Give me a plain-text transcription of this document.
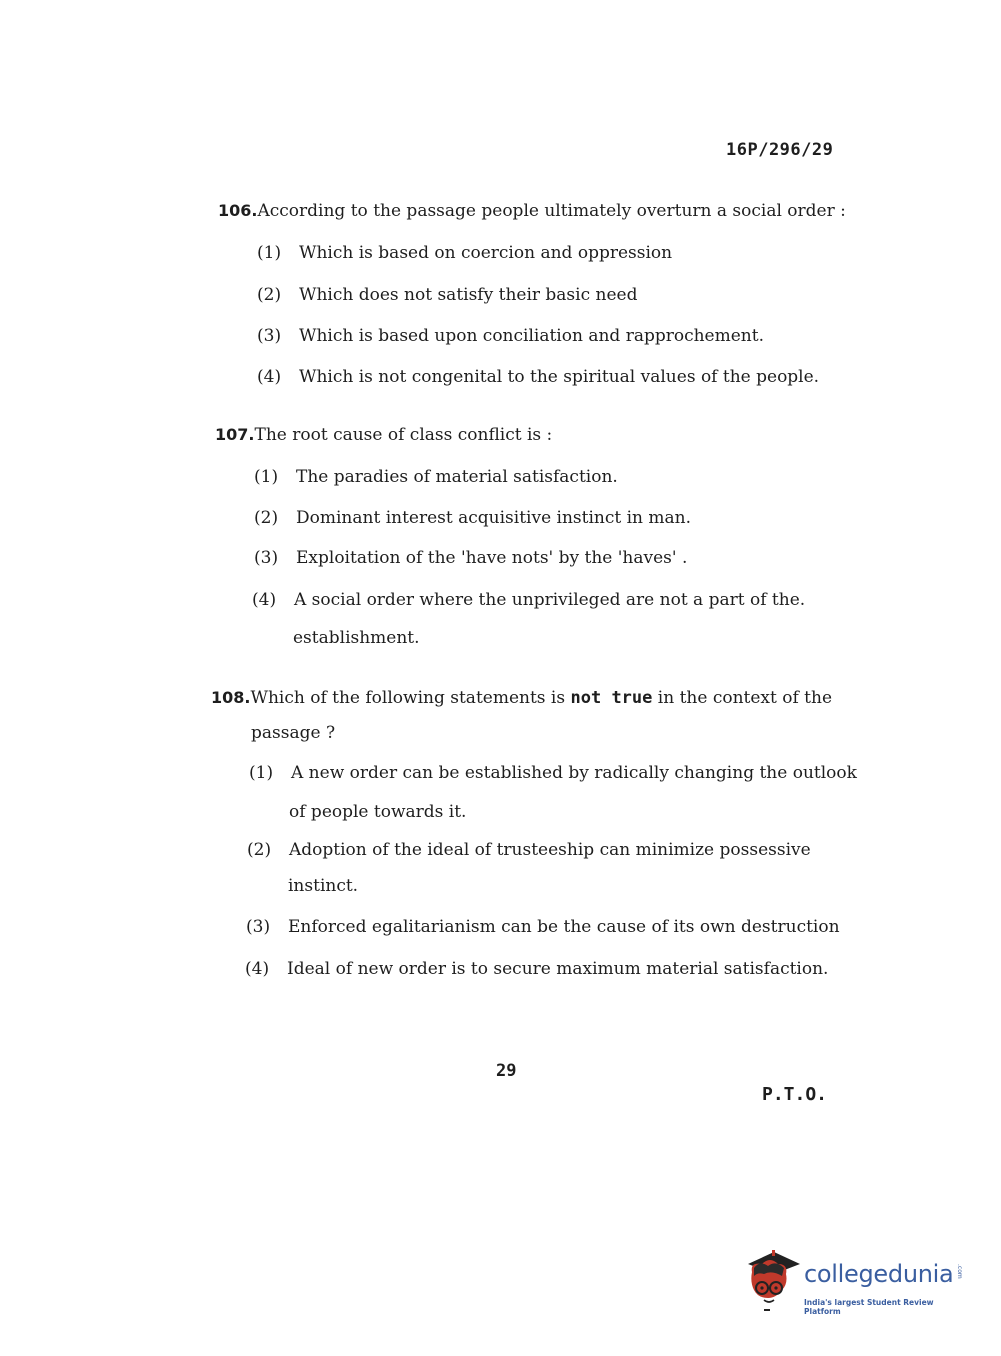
16P/296/29
106.According to the passage people ultimately overturn a social order :
(1) Which is based on coercion and oppression
(2) Which does not satisfy their basic need
(3) Which is based upon conciliation and rapprochement.
(4) Which is not congenital to the spiritual values of the people.
107.The root cause of class conflict is :
(1) The paradies of material satisfaction.
(2) Dominant interest acquisitive instinct in man.
(3) Exploitation of the 'have nots' by the 'haves' .
(4) A social order where the unprivileged are not a part of the.
establishment.
108.Which of the following statements is not true in the context of the
passage ?
(1) A new order can be established by radically changing the outlook
of people towards it.
(2) Adoption of the ideal of trusteeship can minimize possessive
instinct.
(3) Enforced egalitarianism can be the cause of its own destruction
(4) Ideal of new order is to secure maximum material satisfaction.
29
P.T.O.
collegedunia .com
India's largest Student Review Platform
